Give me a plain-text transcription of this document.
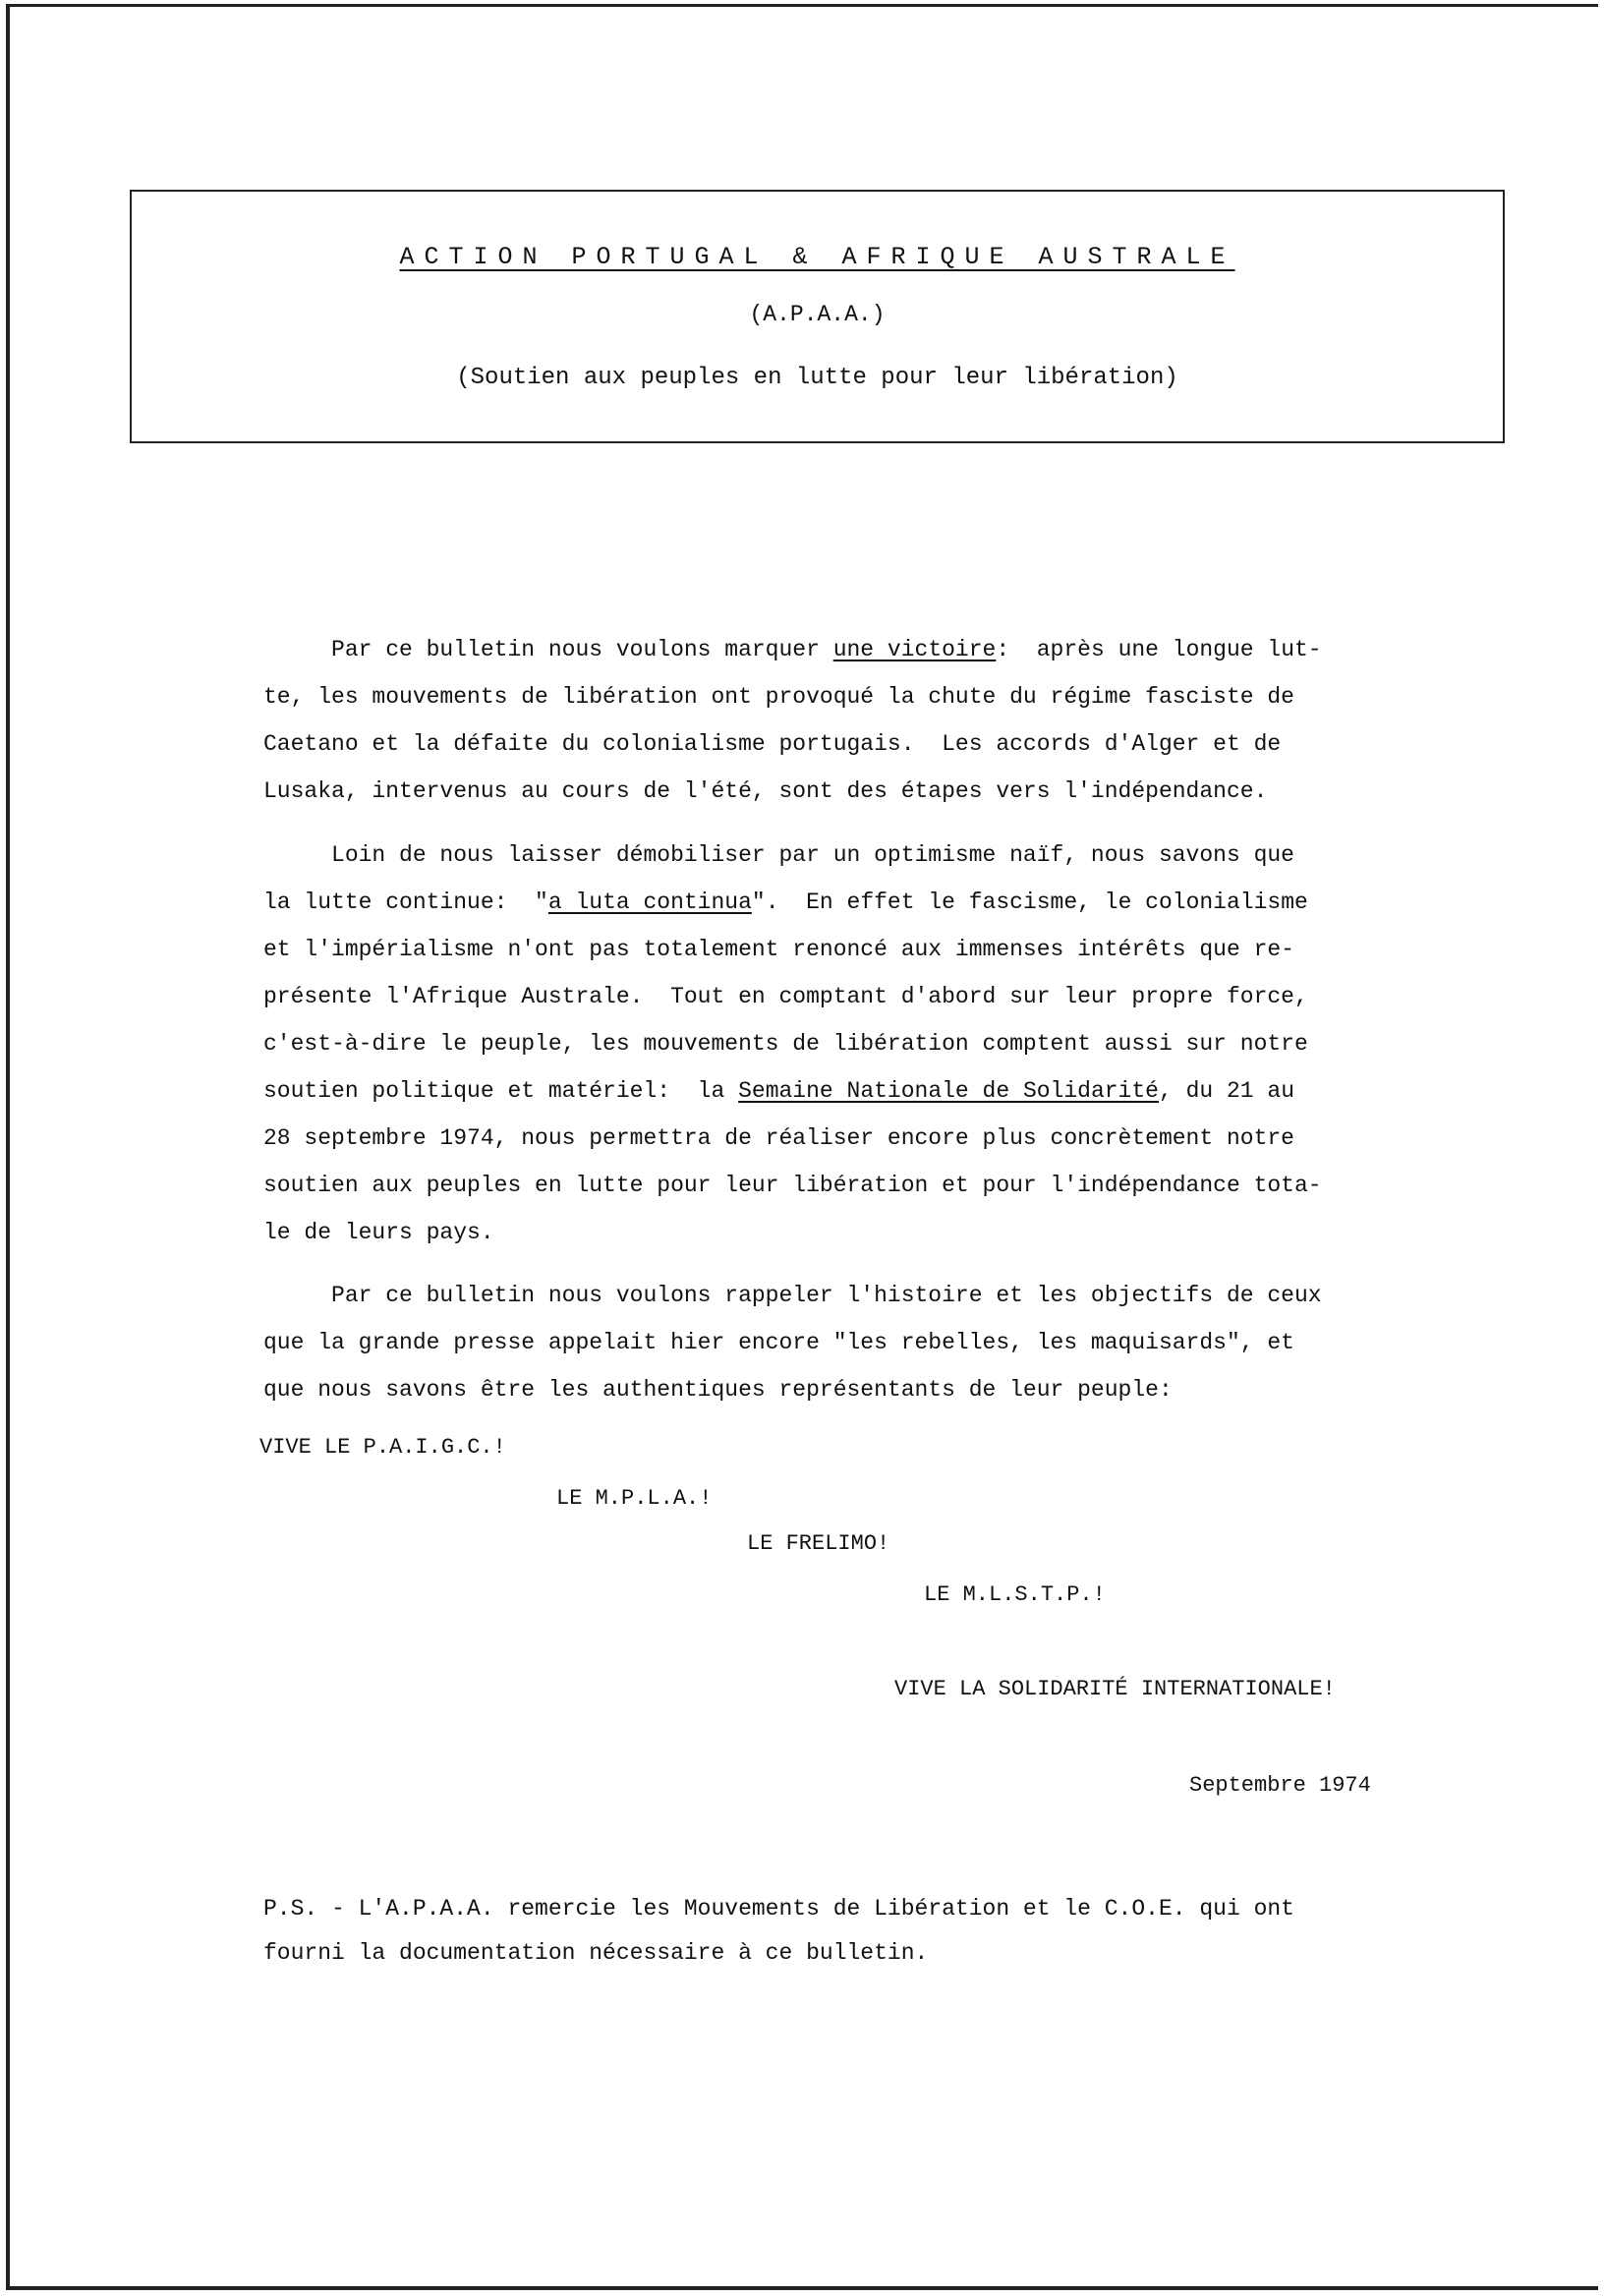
ACTION PORTUGAL & AFRIQUE AUSTRALE
(A.P.A.A.)
(Soutien aux peuples en lutte pour leur libération)
Par ce bulletin nous voulons marquer une victoire:  après une longue lut-
te, les mouvements de libération ont provoqué la chute du régime fasciste de
Caetano et la défaite du colonialisme portugais.  Les accords d'Alger et de
Lusaka, intervenus au cours de l'été, sont des étapes vers l'indépendance.
Loin de nous laisser démobiliser par un optimisme naïf, nous savons que
la lutte continue:  "a luta continua".  En effet le fascisme, le colonialisme
et l'impérialisme n'ont pas totalement renoncé aux immenses intérêts que re-
présente l'Afrique Australe.  Tout en comptant d'abord sur leur propre force,
c'est-à-dire le peuple, les mouvements de libération comptent aussi sur notre
soutien politique et matériel:  la Semaine Nationale de Solidarité, du 21 au
28 septembre 1974, nous permettra de réaliser encore plus concrètement notre
soutien aux peuples en lutte pour leur libération et pour l'indépendance tota-
le de leurs pays.
Par ce bulletin nous voulons rappeler l'histoire et les objectifs de ceux
que la grande presse appelait hier encore "les rebelles, les maquisards", et
que nous savons être les authentiques représentants de leur peuple:
VIVE LE P.A.I.G.C.!
LE M.P.L.A.!
LE FRELIMO!
LE M.L.S.T.P.!
VIVE LA SOLIDARITÉ INTERNATIONALE!
Septembre 1974
P.S. - L'A.P.A.A. remercie les Mouvements de Libération et le C.O.E. qui ont
fourni la documentation nécessaire à ce bulletin.
